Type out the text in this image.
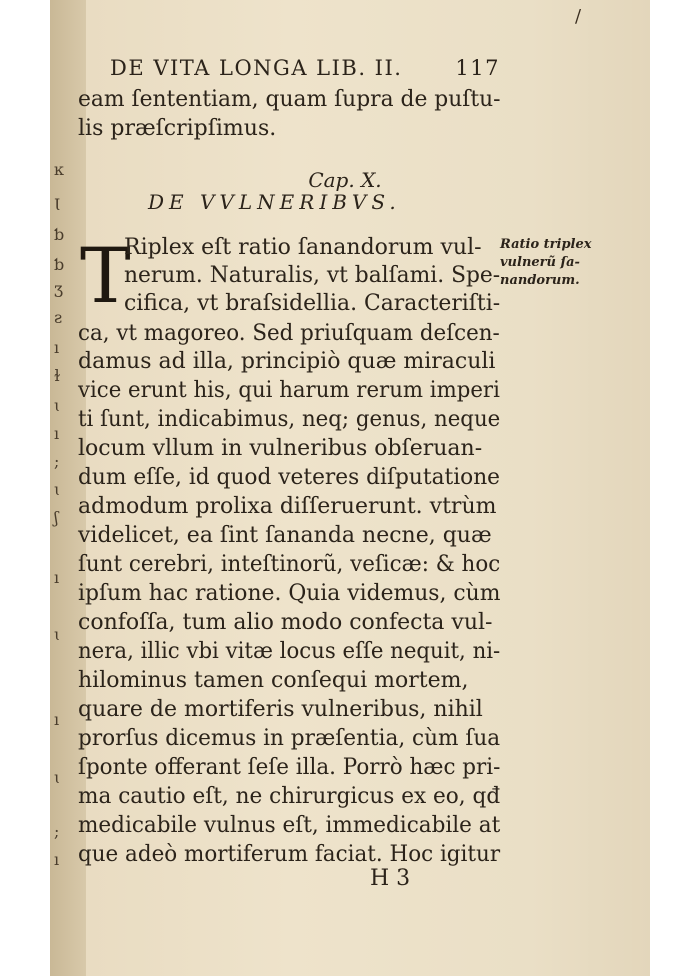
ĸ
Ɩ
ƅ
ƅ
Ʒ
ƨ
ı
ɫ
ɩ
ı
;
ɩ
ʃ
ı
ɩ
ı
ɩ
;
ı
/
DE VITA LONGA LIB. II.	117
eam ſententiam, quam ſupra de puſtu-
lis præſcripſimus.
Cap. X.
DE VVLNERIBVS.
T	Ratio triplex
vulnerũ ſa-
nandorum.
Riplex eſt ratio ſanandorum vul-
nerum. Naturalis, vt balſami. Spe-
cifica, vt braſsidellia. Caracteriſti-
ca, vt magoreo. Sed priuſquam deſcen-
damus ad illa, principiò quæ miraculi
vice erunt his, qui harum rerum imperi
ti ſunt, indicabimus, neq; genus, neque
locum vllum in vulneribus obſeruan-
dum eſſe, id quod veteres diſputatione
admodum prolixa diſſeruerunt. vtrùm
videlicet, ea ſint ſananda necne, quæ
ſunt cerebri, inteſtinorũ, veſicæ: & hoc
ipſum hac ratione. Quia videmus, cùm
confoſſa, tum alio modo confecta vul-
nera, illic vbi vitæ locus eſſe nequit, ni-
hilominus tamen conſequi mortem,
quare de mortiferis vulneribus, nihil
prorſus dicemus in præſentia, cùm ſua
ſponte offerant ſeſe illa. Porrò hæc pri-
ma cautio eſt, ne chirurgicus ex eo, qđ
medicabile vulnus eſt, immedicabile at
que adeò mortiferum faciat. Hoc igitur
H 3
